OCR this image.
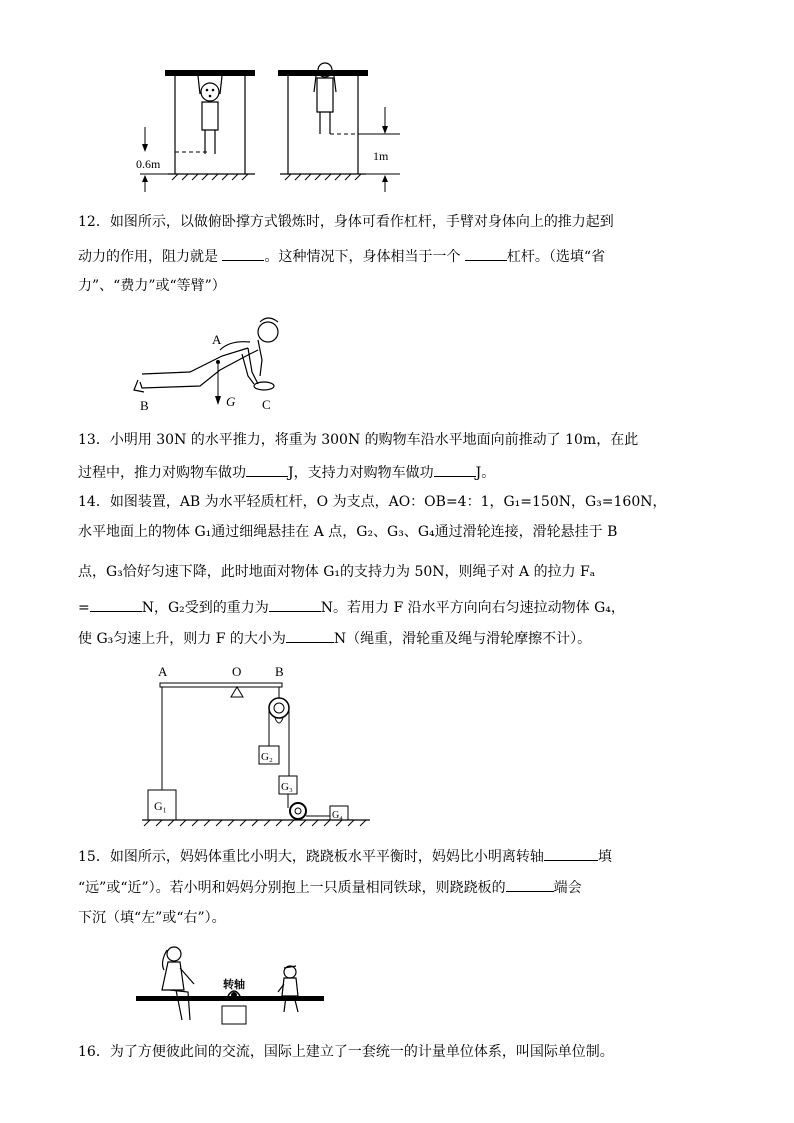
0.6m
1m
12．如图所示，以做俯卧撑方式锻炼时，身体可看作杠杆，手臂对身体向上的推力起到
动力的作用，阻力就是	。这种情况下，身体相当于一个	杠杆。（选填“省
力”、“费力”或“等臂”）
A
B	C
G
13．小明用 30N 的水平推力，将重为 300N 的购物车沿水平地面向前推动了 10m，在此
过程中，推力对购物车做功	J，支持力对购物车做功	J。
14．如图装置，AB 为水平轻质杠杆，O 为支点，AO：OB=4：1，G₁=150N，G₃=160N，
水平地面上的物体 G₁通过细绳悬挂在 A 点，G₂、G₃、G₄通过滑轮连接，滑轮悬挂于 B
点，G₃恰好匀速下降，此时地面对物体 G₁的支持力为 50N，则绳子对 A 的拉力 Fₐ
=	N，G₂受到的重力为	N。若用力 F 沿水平方向向右匀速拉动物体 G₄，
使 G₃匀速上升，则力 F 的大小为	N（绳重，滑轮重及绳与滑轮摩擦不计）。
A	O	B
G₁
G₂
G₃
G₄
15．如图所示，妈妈体重比小明大，跷跷板水平平衡时，妈妈比小明离转轴	填
“远”或“近”）。若小明和妈妈分别抱上一只质量相同铁球，则跷跷板的	端会
下沉（填“左”或“右”）。
转轴
16．为了方便彼此间的交流，国际上建立了一套统一的计量单位体系，叫国际单位制。
